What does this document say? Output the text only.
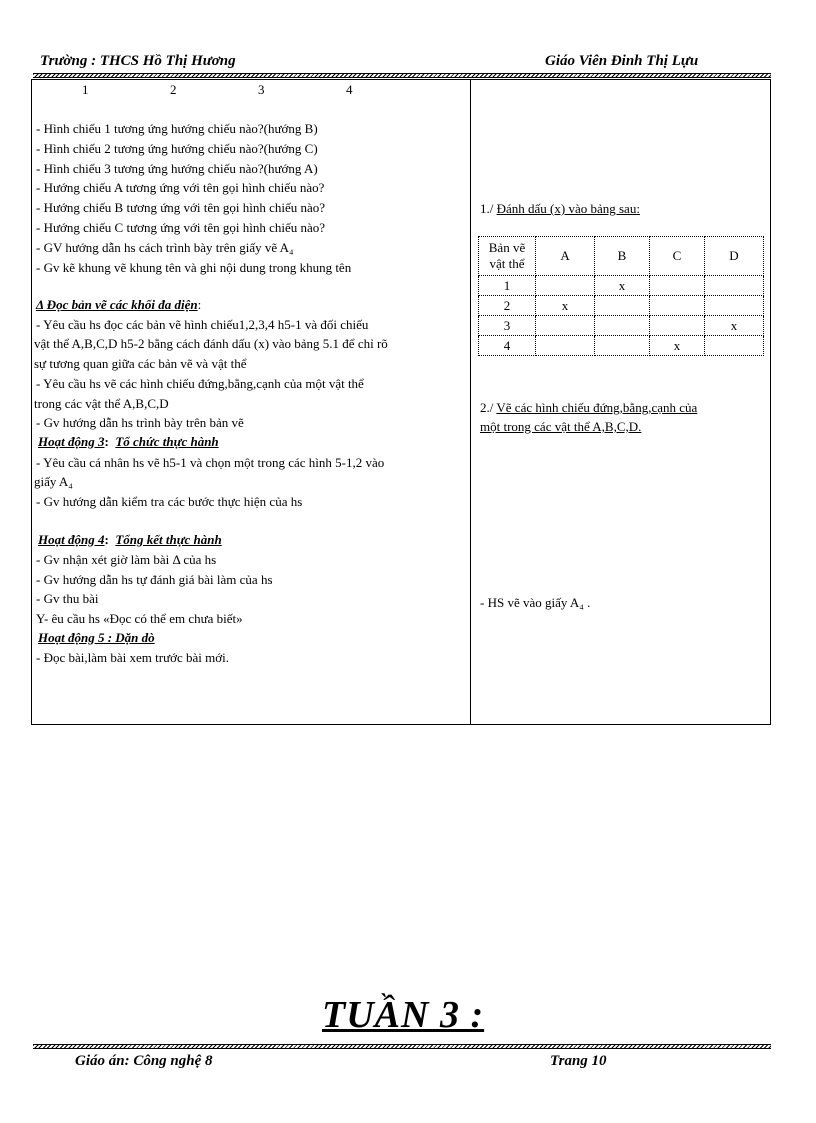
Trường : THCS Hồ Thị Hương	Giáo Viên Đinh Thị Lựu
1	2	3	4
- Hình chiếu 1 tương ứng hướng chiếu nào?(hướng B)
- Hình chiếu 2 tương ứng hướng chiếu nào?(hướng C)
- Hình chiếu 3 tương ứng hướng chiếu nào?(hướng A)
- Hướng chiếu A tương ứng với tên gọi hình chiếu nào?
- Hướng chiếu B tương ứng với tên gọi hình chiếu nào?
- Hướng chiếu C tương ứng với tên gọi hình chiếu nào?
- GV hướng dẫn hs cách trình bày trên giấy vẽ A₄
- Gv kẽ khung vẽ khung tên và ghi nội dung trong khung tên
Δ Đọc bản vẽ các khối đa diện:
- Yêu cầu hs đọc các bản vẽ hình chiếu1,2,3,4 h5-1 và đối chiếu
vật thể A,B,C,D h5-2 bằng cách đánh dấu (x) vào bảng 5.1 để chỉ rõ
sự tương quan giữa các bản vẽ và vật thể
- Yêu cầu hs vẽ các hình chiếu đứng,bằng,cạnh của một vật thể
trong các vật thể A,B,C,D
- Gv hướng dẫn hs trình bày trên bản vẽ
Hoạt động 3:  Tổ chức thực hành
- Yêu cầu cá nhân hs vẽ h5-1 và chọn một trong các hình 5-1,2 vào
giấy A₄
- Gv hướng dẫn kiểm tra các bước thực hiện của hs
Hoạt động 4:  Tổng kết thực hành
- Gv nhận xét giờ làm bài Δ của hs
- Gv hướng dẫn hs tự đánh giá bài làm của hs
- Gv thu bài
Y- êu cầu hs «Đọc có thể em chưa biết»
Hoạt động 5 : Dặn dò
- Đọc bài,làm bài xem trước bài mới.
1./ Đánh dấu (x) vào bảng sau:
Bản vẽ
vật thể	A	B	C	D
1		x		
2	x			
3				x
4			x	
2./ Vẽ các hình chiếu đứng,bằng,cạnh của
một trong các vật thể A,B,C,D.
- HS vẽ vào giấy A₄ .
TUẦN 3 :
Giáo án: Công nghệ 8	Trang 10
